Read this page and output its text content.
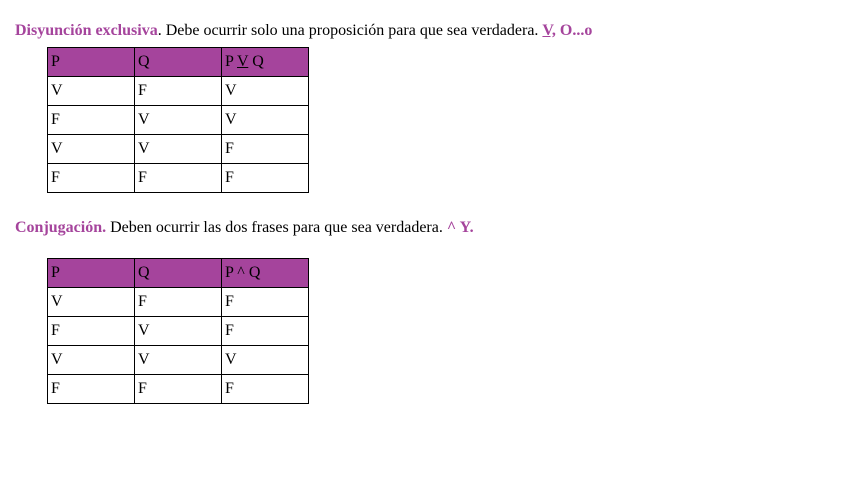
Disyunción exclusiva. Debe ocurrir solo una proposición para que sea verdadera. V, O...o
P	Q	P V Q
V	F	V
F	V	V
V	V	F
F	F	F
Conjugación. Deben ocurrir las dos frases para que sea verdadera. ^ Y.
P	Q	P ^ Q
V	F	F
F	V	F
V	V	V
F	F	F
